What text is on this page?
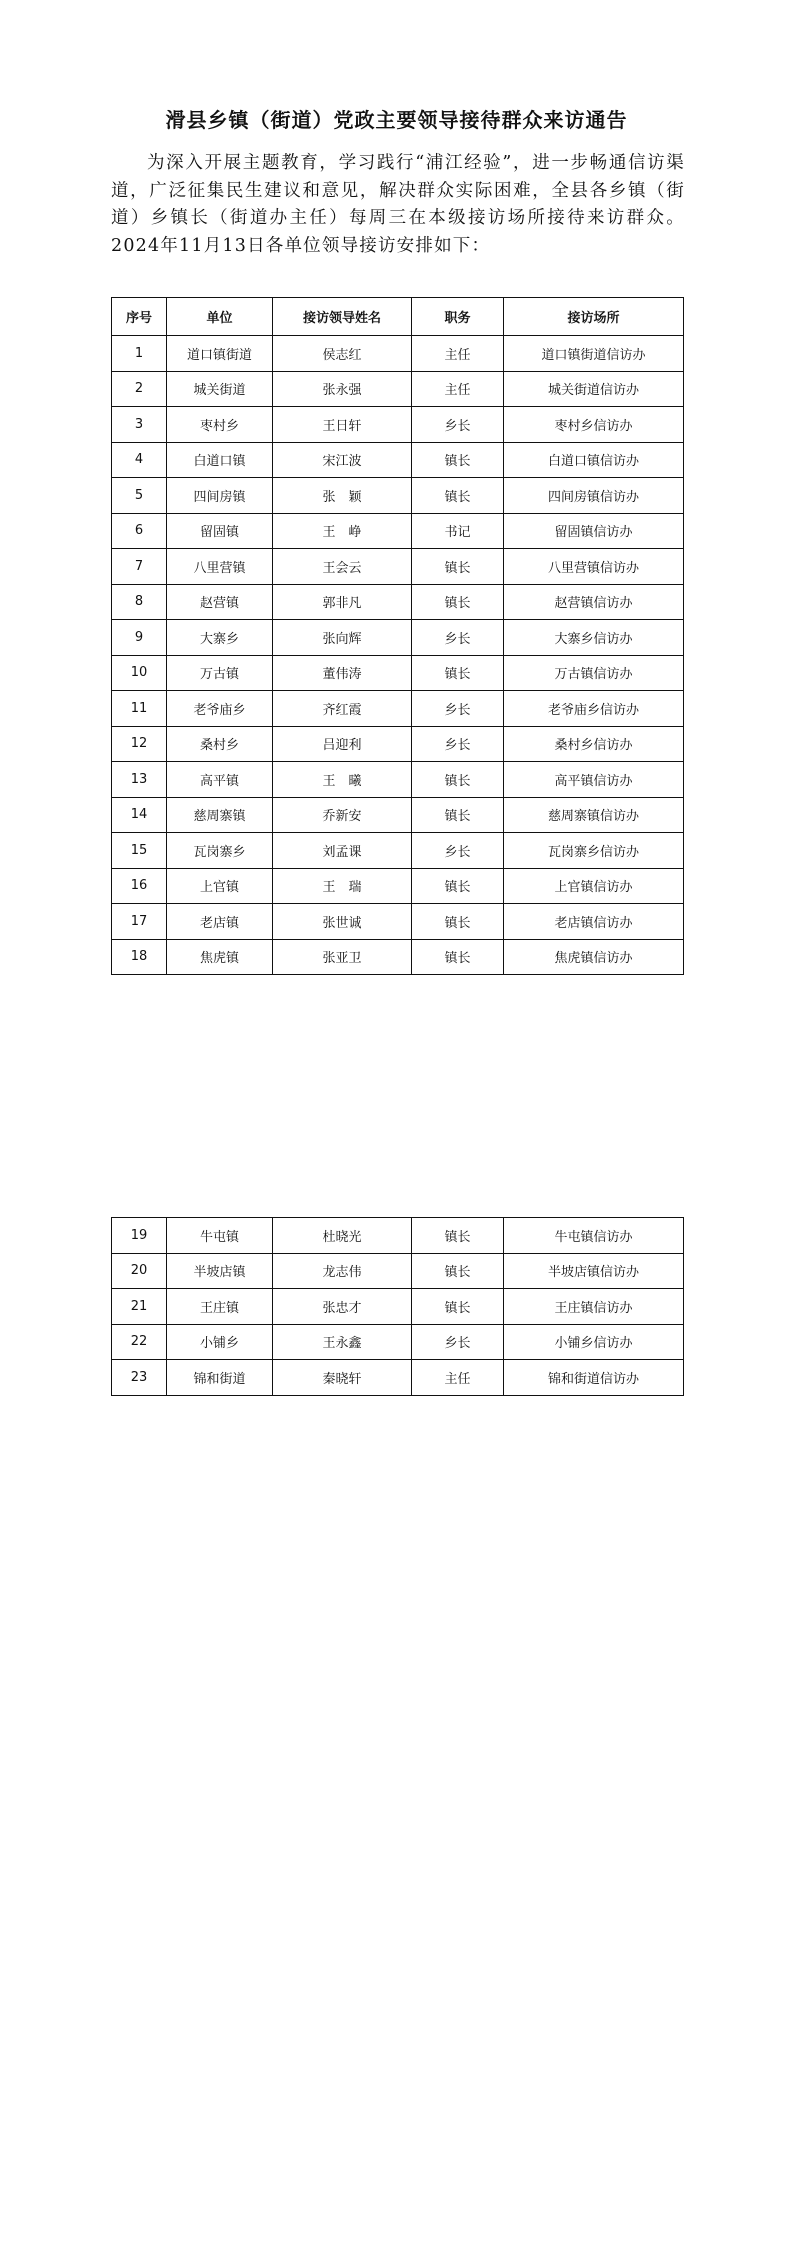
滑县乡镇（街道）党政主要领导接待群众来访通告
为深入开展主题教育，学习践行“浦江经验”，进一步畅通信访渠道，广泛征集民生建议和意见，解决群众实际困难，全县各乡镇（街道）乡镇长（街道办主任）每周三在本级接访场所接待来访群众。2024年11月13日各单位领导接访安排如下：
序号	单位	接访领导姓名	职务	接访场所
1	道口镇街道	侯志红	主任	道口镇街道信访办
2	城关街道	张永强	主任	城关街道信访办
3	枣村乡	王日轩	乡长	枣村乡信访办
4	白道口镇	宋江波	镇长	白道口镇信访办
5	四间房镇	张　颖	镇长	四间房镇信访办
6	留固镇	王　峥	书记	留固镇信访办
7	八里营镇	王会云	镇长	八里营镇信访办
8	赵营镇	郭非凡	镇长	赵营镇信访办
9	大寨乡	张向辉	乡长	大寨乡信访办
10	万古镇	董伟涛	镇长	万古镇信访办
11	老爷庙乡	齐红霞	乡长	老爷庙乡信访办
12	桑村乡	吕迎利	乡长	桑村乡信访办
13	高平镇	王　曦	镇长	高平镇信访办
14	慈周寨镇	乔新安	镇长	慈周寨镇信访办
15	瓦岗寨乡	刘孟课	乡长	瓦岗寨乡信访办
16	上官镇	王　瑞	镇长	上官镇信访办
17	老店镇	张世诚	镇长	老店镇信访办
18	焦虎镇	张亚卫	镇长	焦虎镇信访办
19	牛屯镇	杜晓光	镇长	牛屯镇信访办
20	半坡店镇	龙志伟	镇长	半坡店镇信访办
21	王庄镇	张忠才	镇长	王庄镇信访办
22	小铺乡	王永鑫	乡长	小铺乡信访办
23	锦和街道	秦晓轩	主任	锦和街道信访办
